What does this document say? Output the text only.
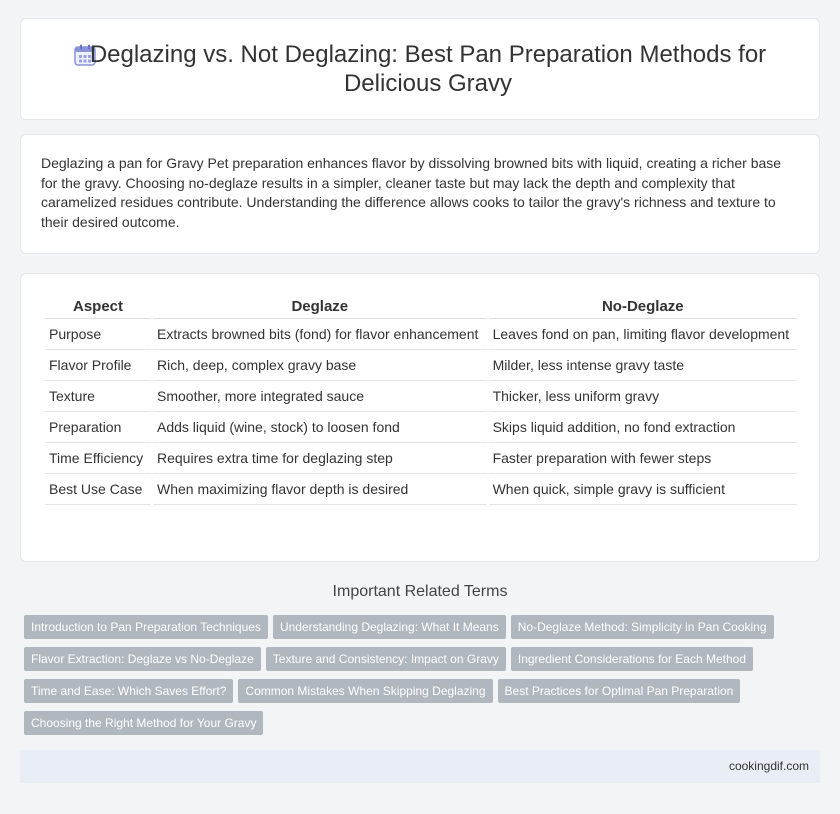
Deglazing vs. Not Deglazing: Best Pan Preparation Methods for Delicious Gravy

Deglazing a pan for Gravy Pet preparation enhances flavor by dissolving browned bits with liquid, creating a richer base for the gravy. Choosing no-deglaze results in a simpler, cleaner taste but may lack the depth and complexity that caramelized residues contribute. Understanding the difference allows cooks to tailor the gravy's richness and texture to their desired outcome.

Aspect	Deglaze	No-Deglaze
Purpose	Extracts browned bits (fond) for flavor enhancement	Leaves fond on pan, limiting flavor development
Flavor Profile	Rich, deep, complex gravy base	Milder, less intense gravy taste
Texture	Smoother, more integrated sauce	Thicker, less uniform gravy
Preparation	Adds liquid (wine, stock) to loosen fond	Skips liquid addition, no fond extraction
Time Efficiency	Requires extra time for deglazing step	Faster preparation with fewer steps
Best Use Case	When maximizing flavor depth is desired	When quick, simple gravy is sufficient
Important Related Terms
Introduction to Pan Preparation Techniques Understanding Deglazing: What It Means No-Deglaze Method: Simplicity in Pan Cooking
Flavor Extraction: Deglaze vs No-Deglaze Texture and Consistency: Impact on Gravy Ingredient Considerations for Each Method
Time and Ease: Which Saves Effort? Common Mistakes When Skipping Deglazing Best Practices for Optimal Pan Preparation
Choosing the Right Method for Your Gravy
cookingdif.com
